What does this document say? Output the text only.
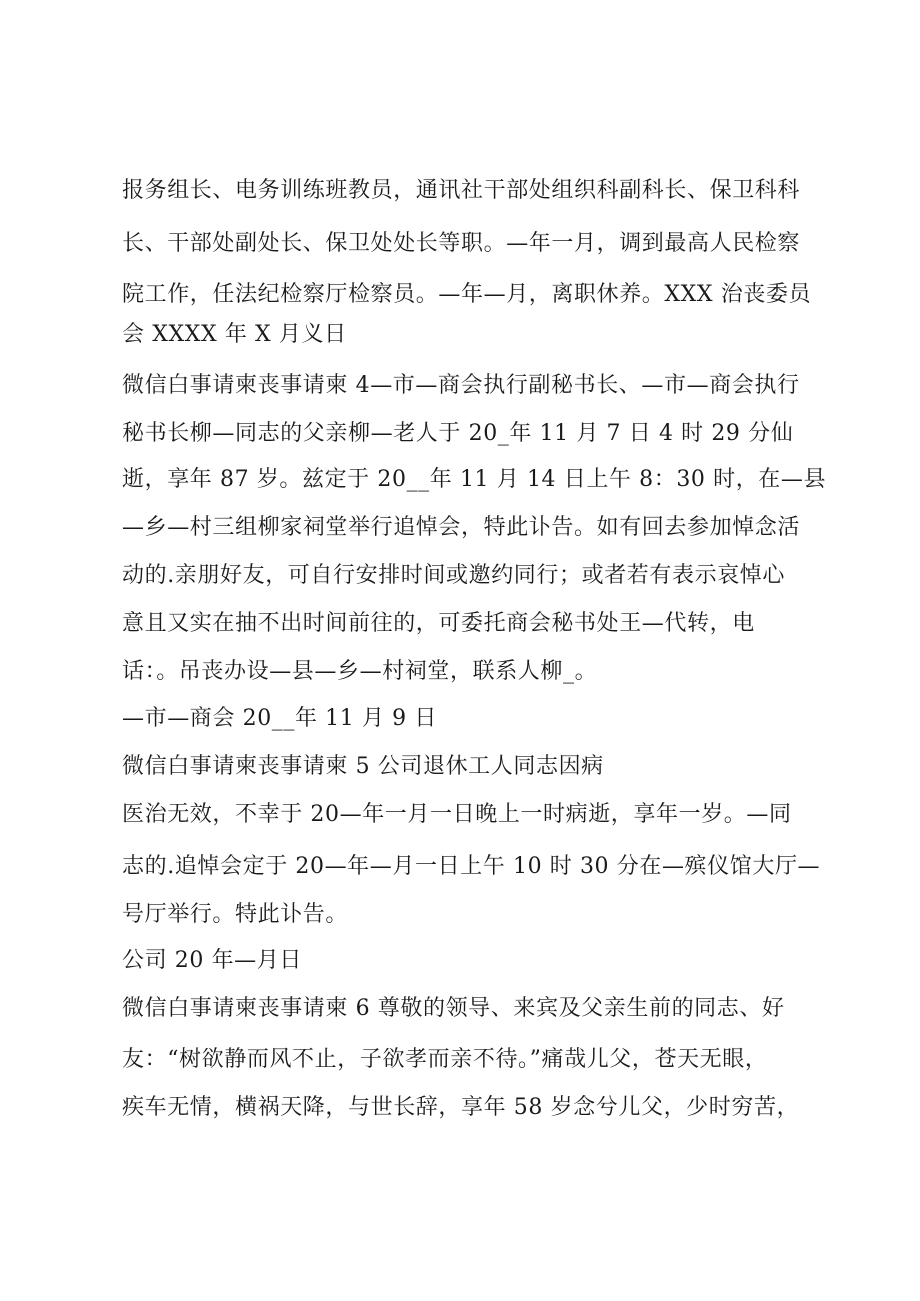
报务组长、电务训练班教员，通讯社干部处组织科副科长、保卫科科
长、干部处副处长、保卫处处长等职。—年一月，调到最高人民检察
院工作，任法纪检察厅检察员。—年—月，离职休养。XXX 治丧委员
会 XXXX 年 X 月义日
微信白事请柬丧事请柬 4—市—商会执行副秘书长、—市—商会执行
秘书长柳—同志的父亲柳—老人于 20_年 11 月 7 日 4 时 29 分仙
逝，享年 87 岁。兹定于 20__年 11 月 14 日上午 8：30 时，在—县
—乡—村三组柳家祠堂举行追悼会，特此讣告。如有回去参加悼念活
动的.亲朋好友，可自行安排时间或邀约同行；或者若有表示哀悼心
意且又实在抽不出时间前往的，可委托商会秘书处王—代转，电
话：。吊丧办设—县—乡—村祠堂，联系人柳_。
—市—商会 20__年 11 月 9 日
微信白事请柬丧事请柬 5 公司退休工人同志因病
医治无效，不幸于 20—年一月一日晚上一时病逝，享年一岁。—同
志的.追悼会定于 20—年—月一日上午 10 时 30 分在—殡仪馆大厅—
号厅举行。特此讣告。
公司 20 年—月日
微信白事请柬丧事请柬 6 尊敬的领导、来宾及父亲生前的同志、好
友：“树欲静而风不止，子欲孝而亲不待。”痛哉儿父，苍天无眼，
疾车无情，横祸天降，与世长辞，享年 58 岁念兮儿父，少时穷苦，
